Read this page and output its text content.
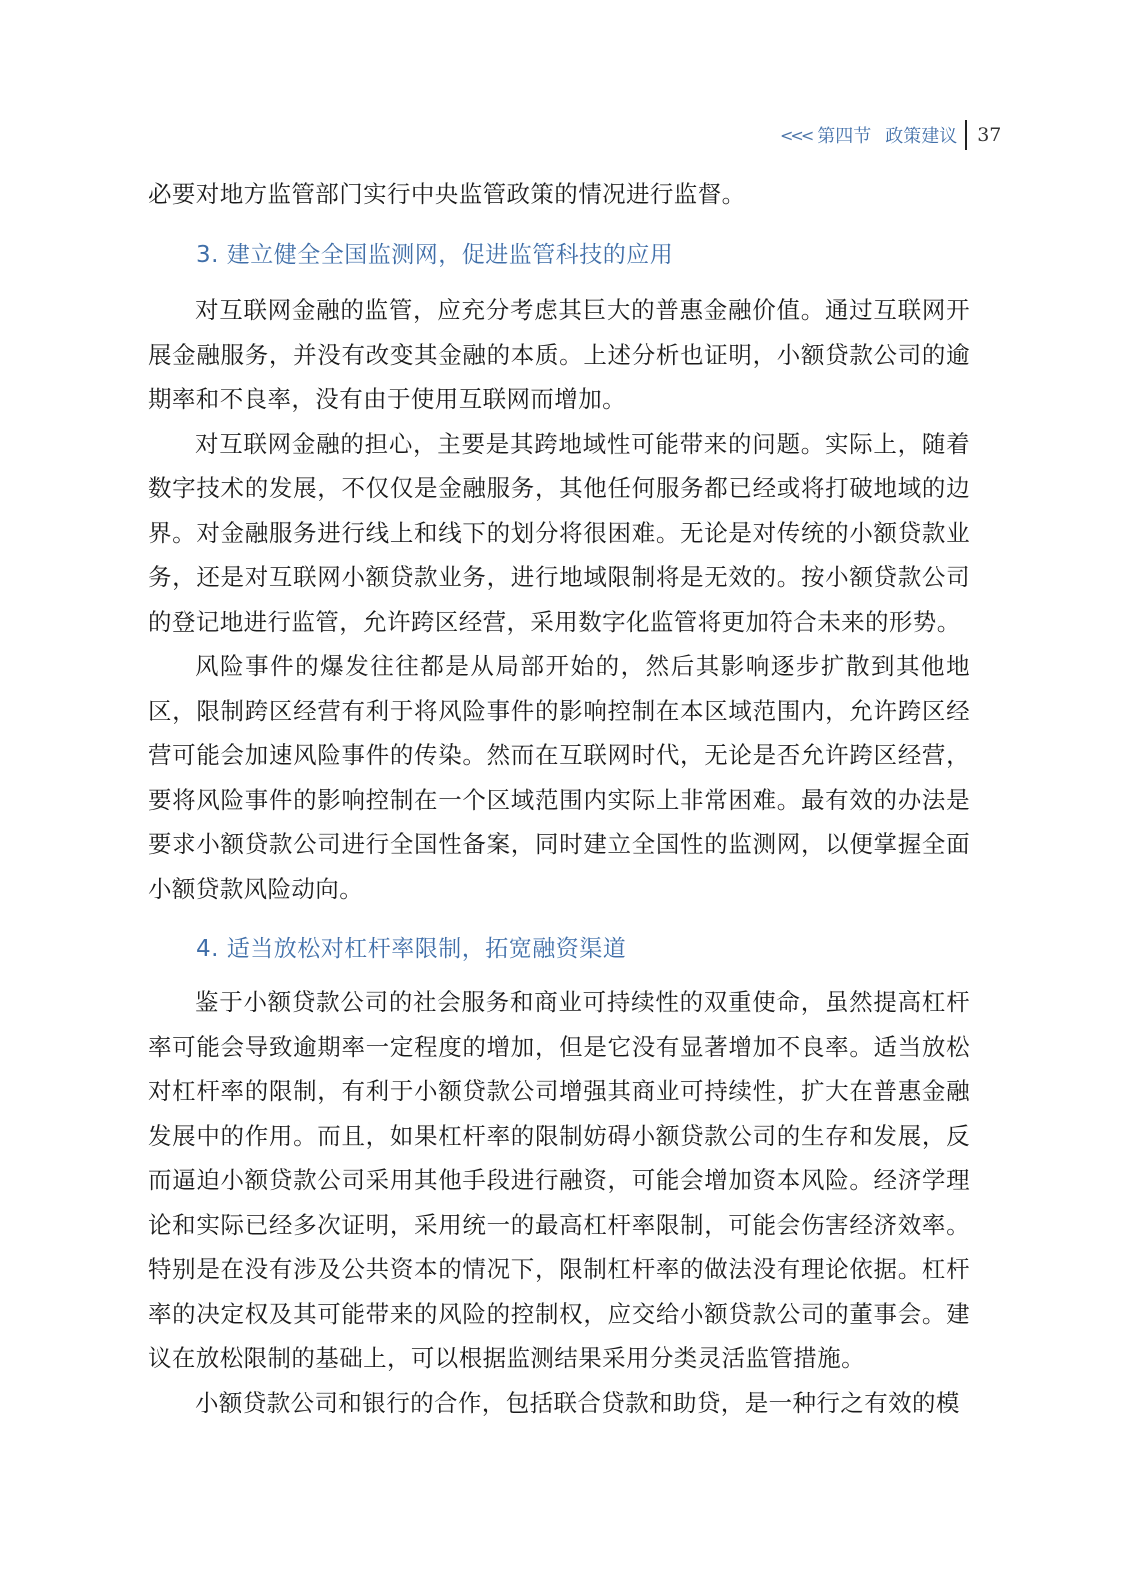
<<< 第四节 政策建议 37

必要对地方监管部门实行中央监管政策的情况进行监督。

3. 建立健全全国监测网，促进监管科技的应用

对互联网金融的监管，应充分考虑其巨大的普惠金融价值。通过互联网开展金融服务，并没有改变其金融的本质。上述分析也证明，小额贷款公司的逾期率和不良率，没有由于使用互联网而增加。

对互联网金融的担心，主要是其跨地域性可能带来的问题。实际上，随着数字技术的发展，不仅仅是金融服务，其他任何服务都已经或将打破地域的边界。对金融服务进行线上和线下的划分将很困难。无论是对传统的小额贷款业务，还是对互联网小额贷款业务，进行地域限制将是无效的。按小额贷款公司的登记地进行监管，允许跨区经营，采用数字化监管将更加符合未来的形势。

风险事件的爆发往往都是从局部开始的，然后其影响逐步扩散到其他地区，限制跨区经营有利于将风险事件的影响控制在本区域范围内，允许跨区经营可能会加速风险事件的传染。然而在互联网时代，无论是否允许跨区经营，要将风险事件的影响控制在一个区域范围内实际上非常困难。最有效的办法是要求小额贷款公司进行全国性备案，同时建立全国性的监测网，以便掌握全面小额贷款风险动向。

4. 适当放松对杠杆率限制，拓宽融资渠道

鉴于小额贷款公司的社会服务和商业可持续性的双重使命，虽然提高杠杆率可能会导致逾期率一定程度的增加，但是它没有显著增加不良率。适当放松对杠杆率的限制，有利于小额贷款公司增强其商业可持续性，扩大在普惠金融发展中的作用。而且，如果杠杆率的限制妨碍小额贷款公司的生存和发展，反而逼迫小额贷款公司采用其他手段进行融资，可能会增加资本风险。经济学理论和实际已经多次证明，采用统一的最高杠杆率限制，可能会伤害经济效率。特别是在没有涉及公共资本的情况下，限制杠杆率的做法没有理论依据。杠杆率的决定权及其可能带来的风险的控制权，应交给小额贷款公司的董事会。建议在放松限制的基础上，可以根据监测结果采用分类灵活监管措施。

小额贷款公司和银行的合作，包括联合贷款和助贷，是一种行之有效的模
